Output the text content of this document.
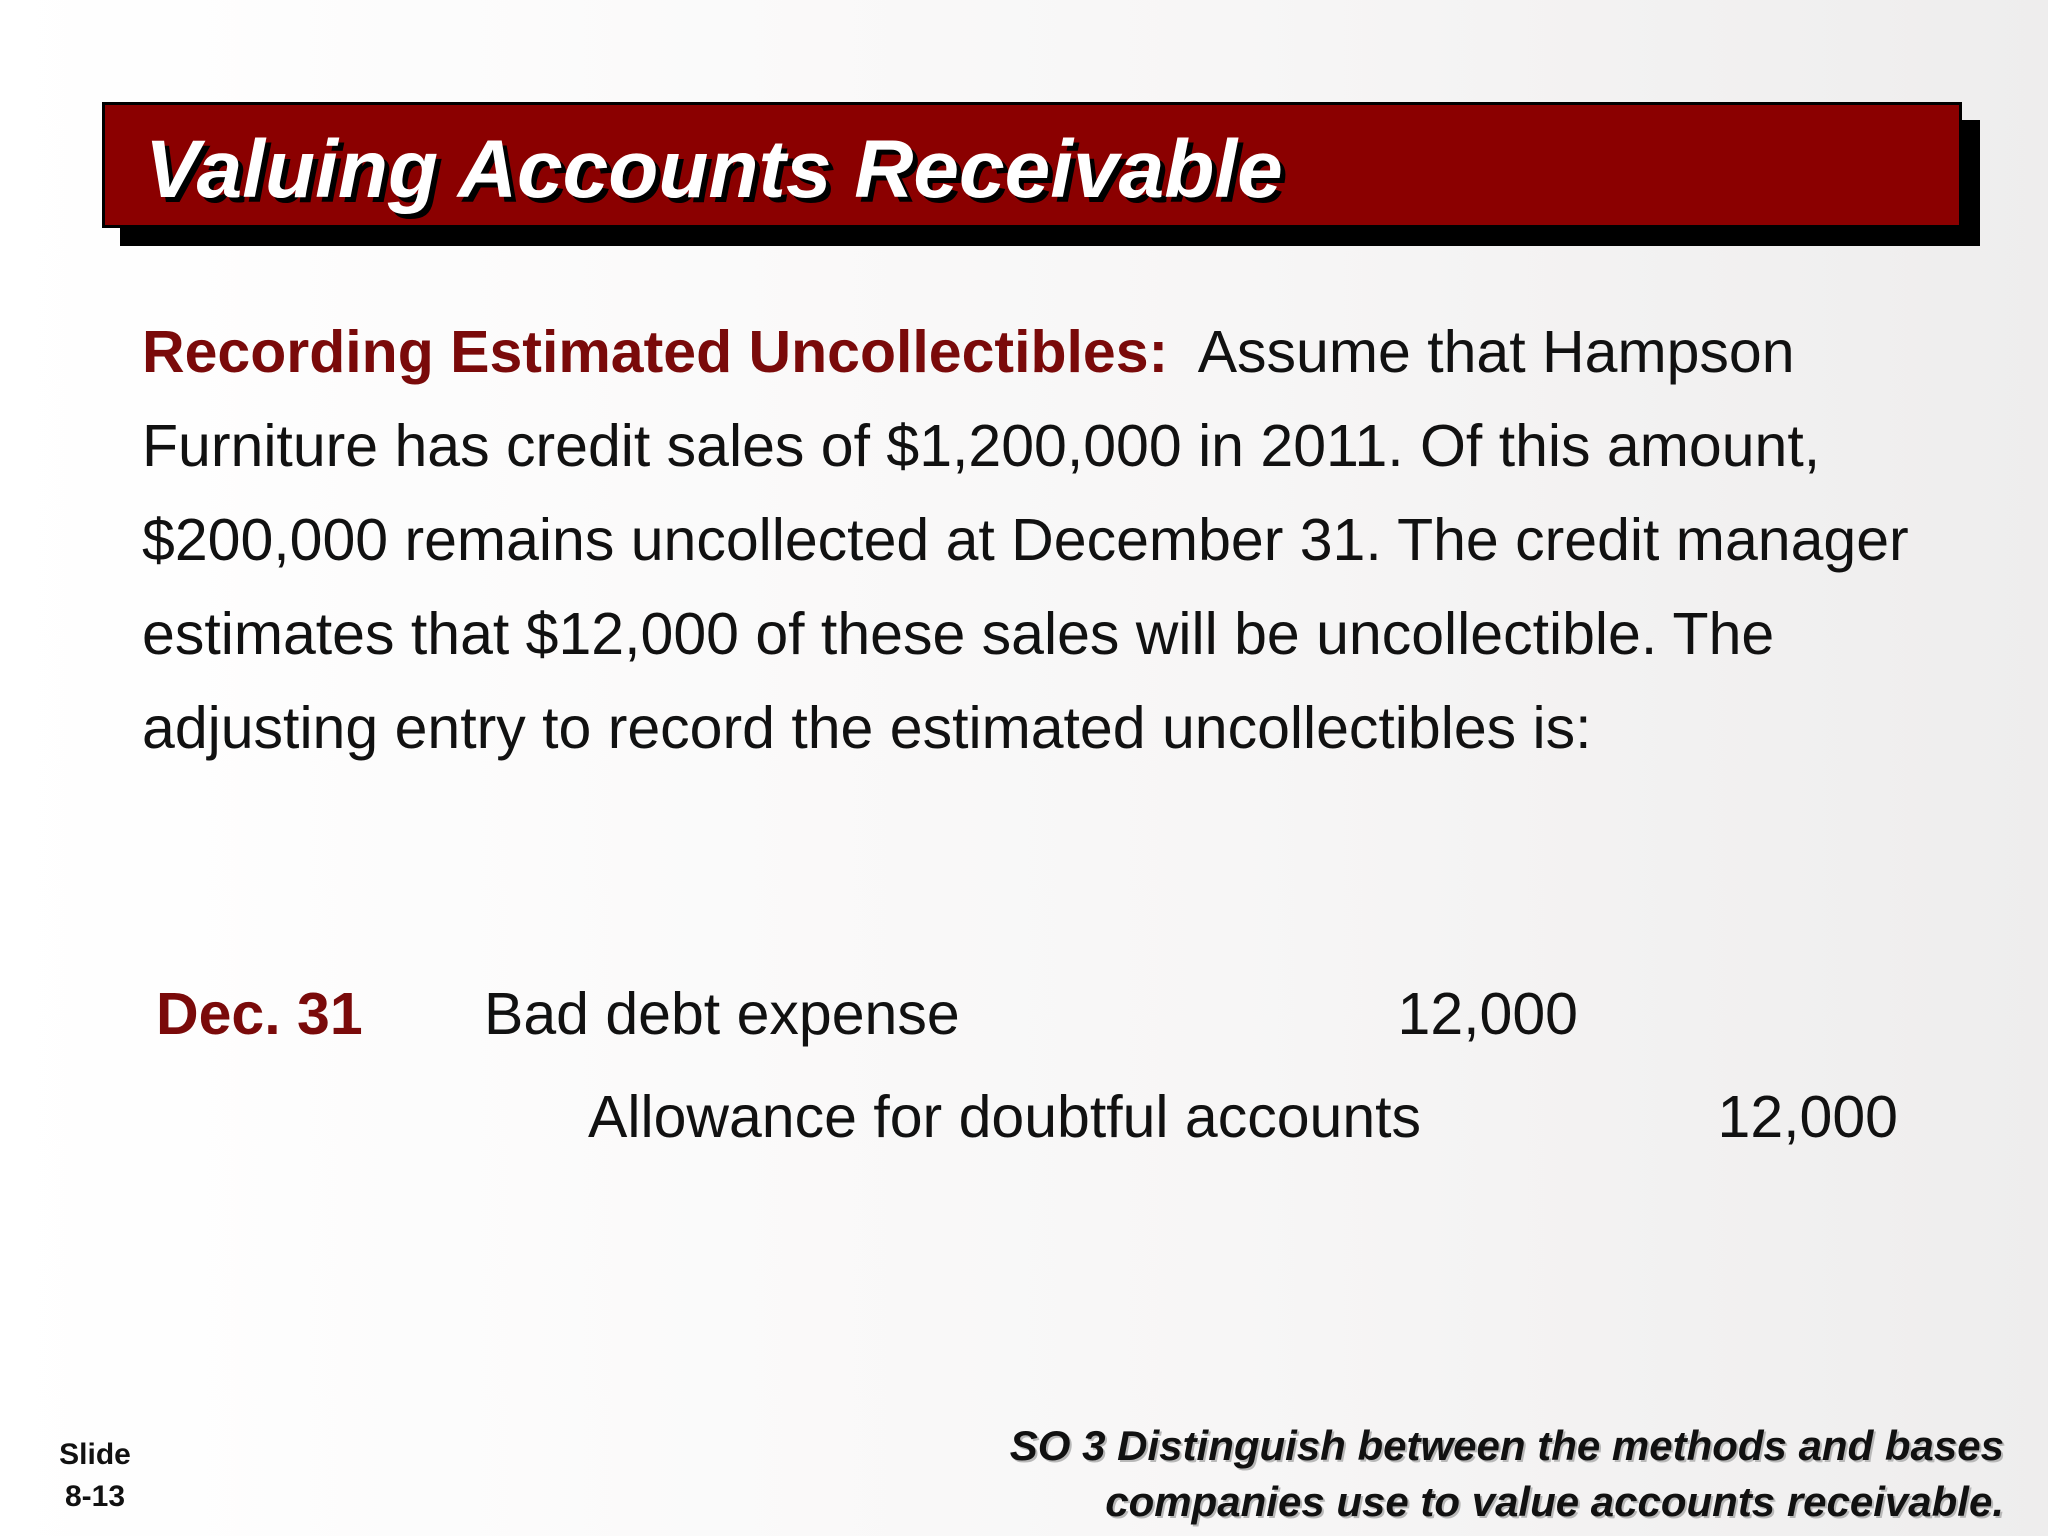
Valuing Accounts Receivable

Recording Estimated Uncollectibles: Assume that Hampson Furniture has credit sales of $1,200,000 in 2011. Of this amount, $200,000 remains uncollected at December 31. The credit manager estimates that $12,000 of these sales will be uncollectible. The adjusting entry to record the estimated uncollectibles is:

Dec. 31 Bad debt expense	12,000
Allowance for doubtful accounts	12,000
Slide
8-13
SO 3 Distinguish between the methods and bases
companies use to value accounts receivable.
